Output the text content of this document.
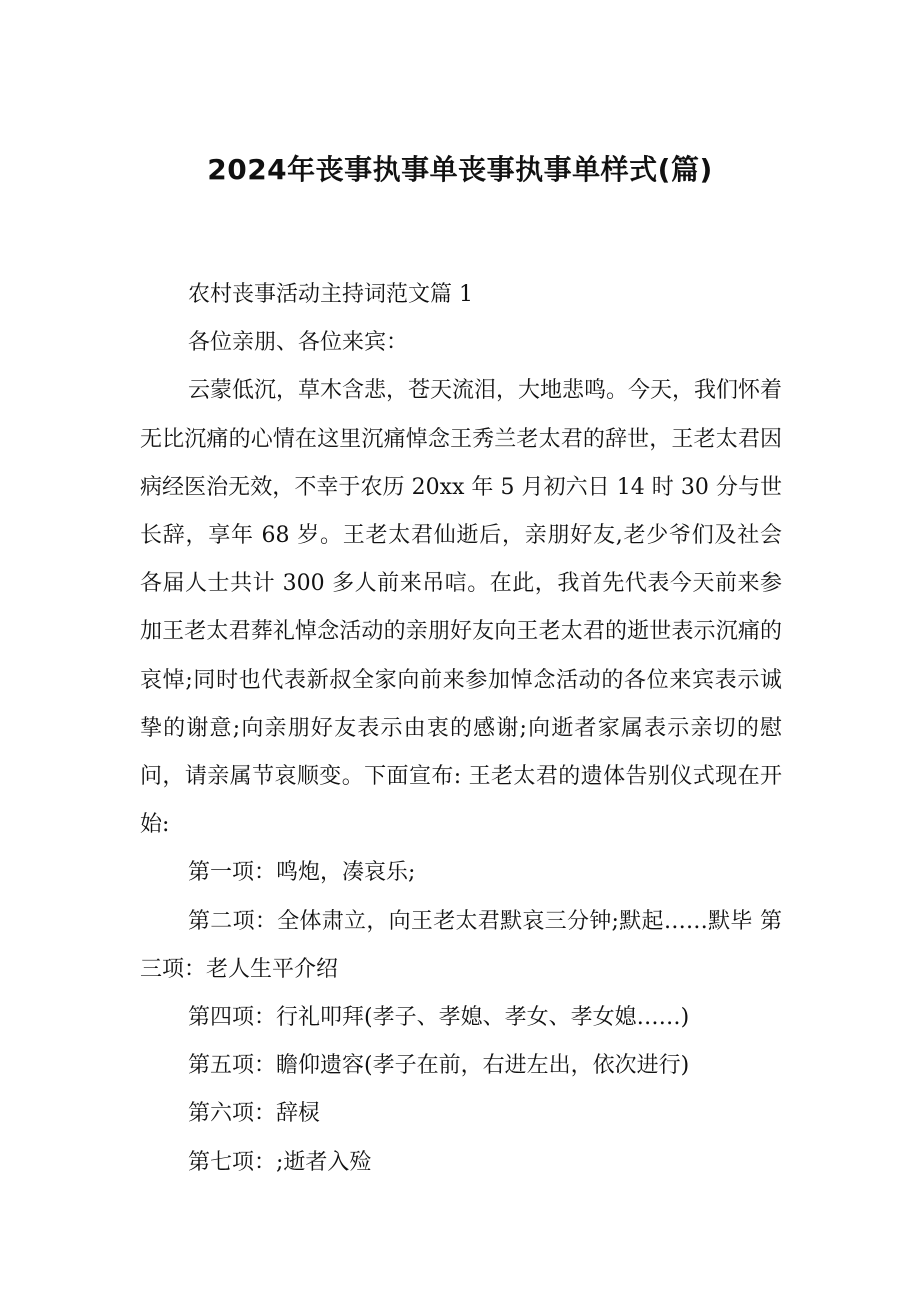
2024年丧事执事单丧事执事单样式(篇)

农村丧事活动主持词范文篇 1

各位亲朋、各位来宾：

云蒙低沉，草木含悲，苍天流泪，大地悲鸣。今天，我们怀着无比沉痛的心情在这里沉痛悼念王秀兰老太君的辞世，王老太君因病经医治无效，不幸于农历 20xx 年 5 月初六日 14 时 30 分与世长辞，享年 68 岁。王老太君仙逝后，亲朋好友,老少爷们及社会各届人士共计 300 多人前来吊唁。在此，我首先代表今天前来参加王老太君葬礼悼念活动的亲朋好友向王老太君的逝世表示沉痛的哀悼;同时也代表新叔全家向前来参加悼念活动的各位来宾表示诚挚的谢意;向亲朋好友表示由衷的感谢;向逝者家属表示亲切的慰问，请亲属节哀顺变。下面宣布: 王老太君的遗体告别仪式现在开始:

第一项：鸣炮，凑哀乐;

第二项：全体肃立，向王老太君默哀三分钟;默起……默毕 第三项：老人生平介绍

第四项：行礼叩拜(孝子、孝媳、孝女、孝女媳……)

第五项：瞻仰遗容(孝子在前，右进左出，依次进行)

第六项：辞棂

第七项：;逝者入殓
